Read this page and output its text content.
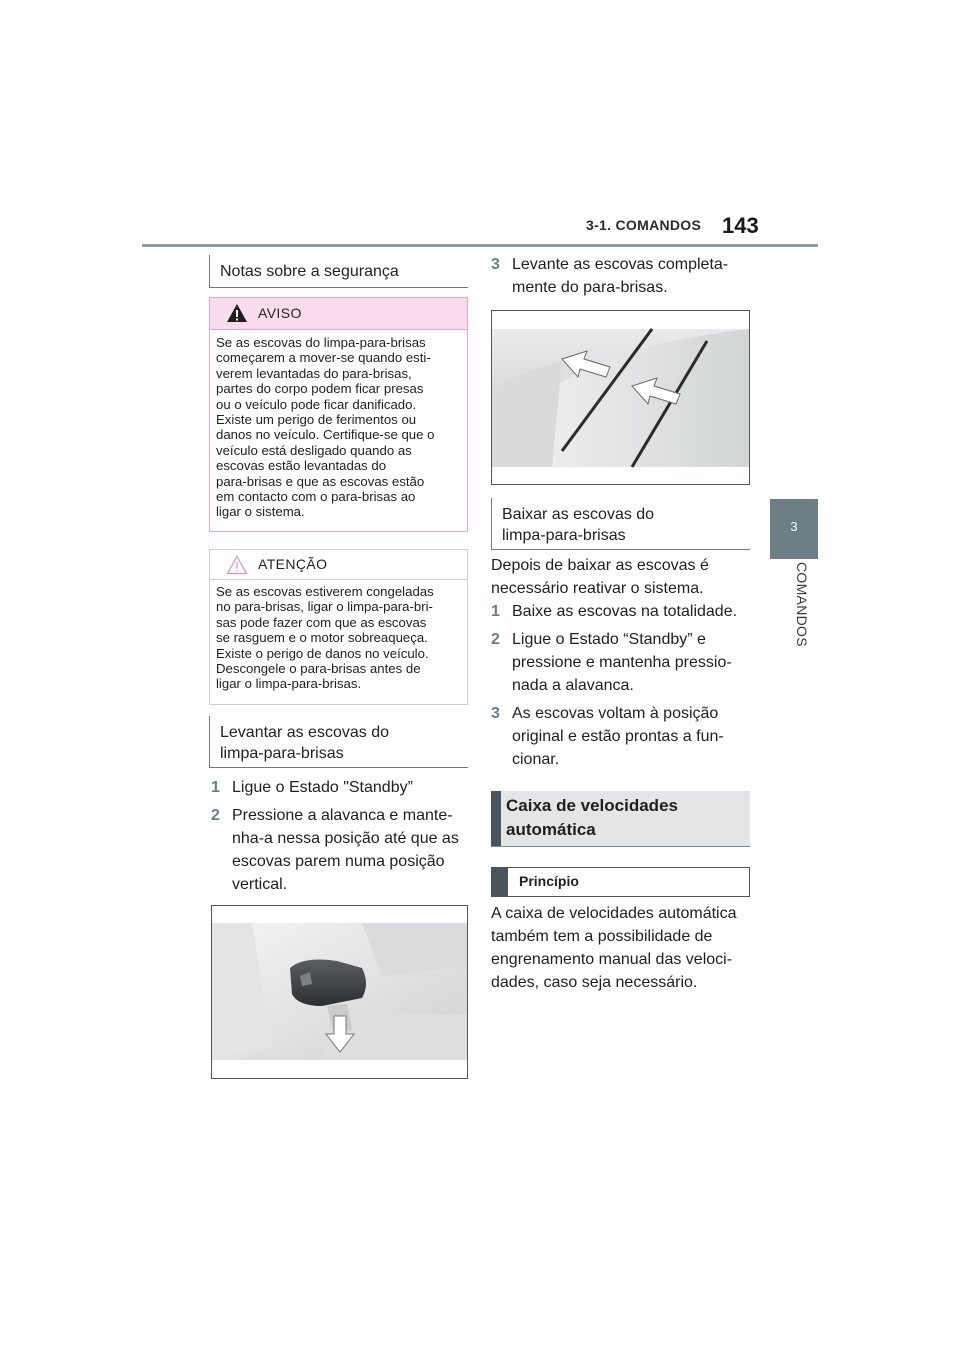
3-1. COMANDOS 143
3
COMANDOS
Notas sobre a segurança
AVISO
Se as escovas do limpa-para-brisas
começarem a mover-se quando esti-
verem levantadas do para-brisas,
partes do corpo podem ficar presas
ou o veículo pode ficar danificado.
Existe um perigo de ferimentos ou
danos no veículo. Certifique-se que o
veículo está desligado quando as
escovas estão levantadas do
para-brisas e que as escovas estão
em contacto com o para-brisas ao
ligar o sistema.
ATENÇÃO
Se as escovas estiverem congeladas
no para-brisas, ligar o limpa-para-bri-
sas pode fazer com que as escovas
se rasguem e o motor sobreaqueça.
Existe o perigo de danos no veículo.
Descongele o para-brisas antes de
ligar o limpa-para-brisas.
Levantar as escovas do
limpa-para-brisas
1 Ligue o Estado "Standby”
2 Pressione a alavanca e mante-
nha-a nessa posição até que as
escovas parem numa posição
vertical.
3 Levante as escovas completa-
mente do para-brisas.
Baixar as escovas do
limpa-para-brisas
Depois de baixar as escovas é
necessário reativar o sistema.
1 Baixe as escovas na totalidade.
2 Ligue o Estado “Standby” e
pressione e mantenha pressio-
nada a alavanca.
3 As escovas voltam à posição
original e estão prontas a fun-
cionar.
Caixa de velocidades
automática
Princípio
A caixa de velocidades automática
também tem a possibilidade de
engrenamento manual das veloci-
dades, caso seja necessário.
